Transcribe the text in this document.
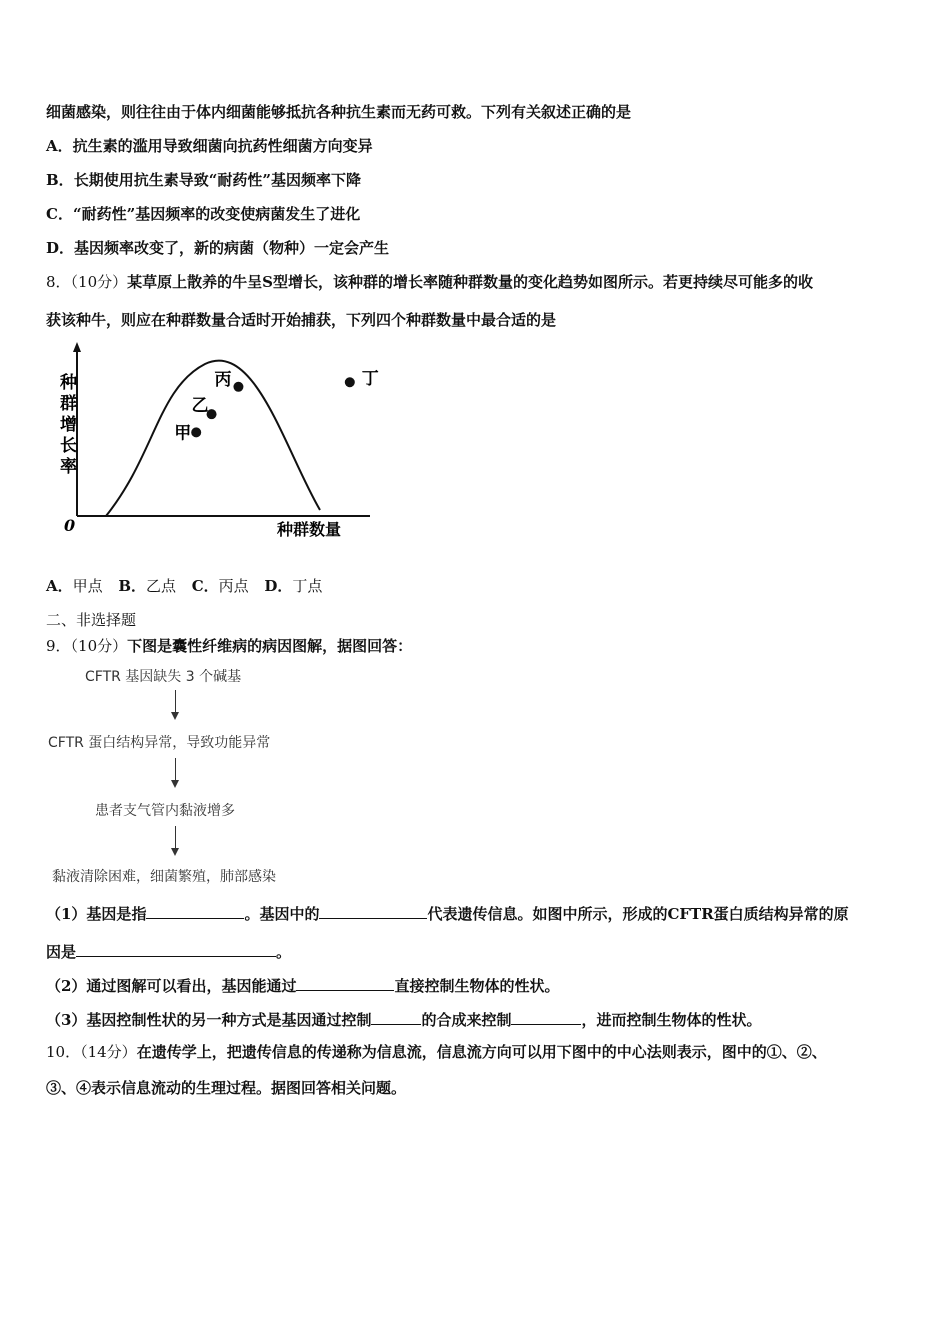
细菌感染，则往往由于体内细菌能够抵抗各种抗生素而无药可救。下列有关叙述正确的是
A．抗生素的滥用导致细菌向抗药性细菌方向变异
B．长期使用抗生素导致“耐药性”基因频率下降
C．“耐药性”基因频率的改变使病菌发生了进化
D．基因频率改变了，新的病菌（物种）一定会产生
8．（10分）某草原上散养的牛呈S型增长，该种群的增长率随种群数量的变化趋势如图所示。若更持续尽可能多的收
获该种牛，则应在种群数量合适时开始捕获，下列四个种群数量中最合适的是
种群增长率
种群数量
0
甲
乙
丙	丁
A．甲点 B．乙点 C．丙点 D．丁点
二、非选择题
9．（10分）下图是囊性纤维病的病因图解，据图回答：
CFTR 基因缺失 3 个碱基
CFTR 蛋白结构异常，导致功能异常
患者支气管内黏液增多
黏液清除困难，细菌繁殖，肺部感染
（1）基因是指	。基因中的	代表遗传信息。如图中所示，形成的CFTR蛋白质结构异常的原
因是	。
（2）通过图解可以看出，基因能通过	直接控制生物体的性状。
（3）基因控制性状的另一种方式是基因通过控制	的合成来控制	，进而控制生物体的性状。
10．（14分）在遗传学上，把遗传信息的传递称为信息流，信息流方向可以用下图中的中心法则表示，图中的①、②、
③、④表示信息流动的生理过程。据图回答相关问题。
